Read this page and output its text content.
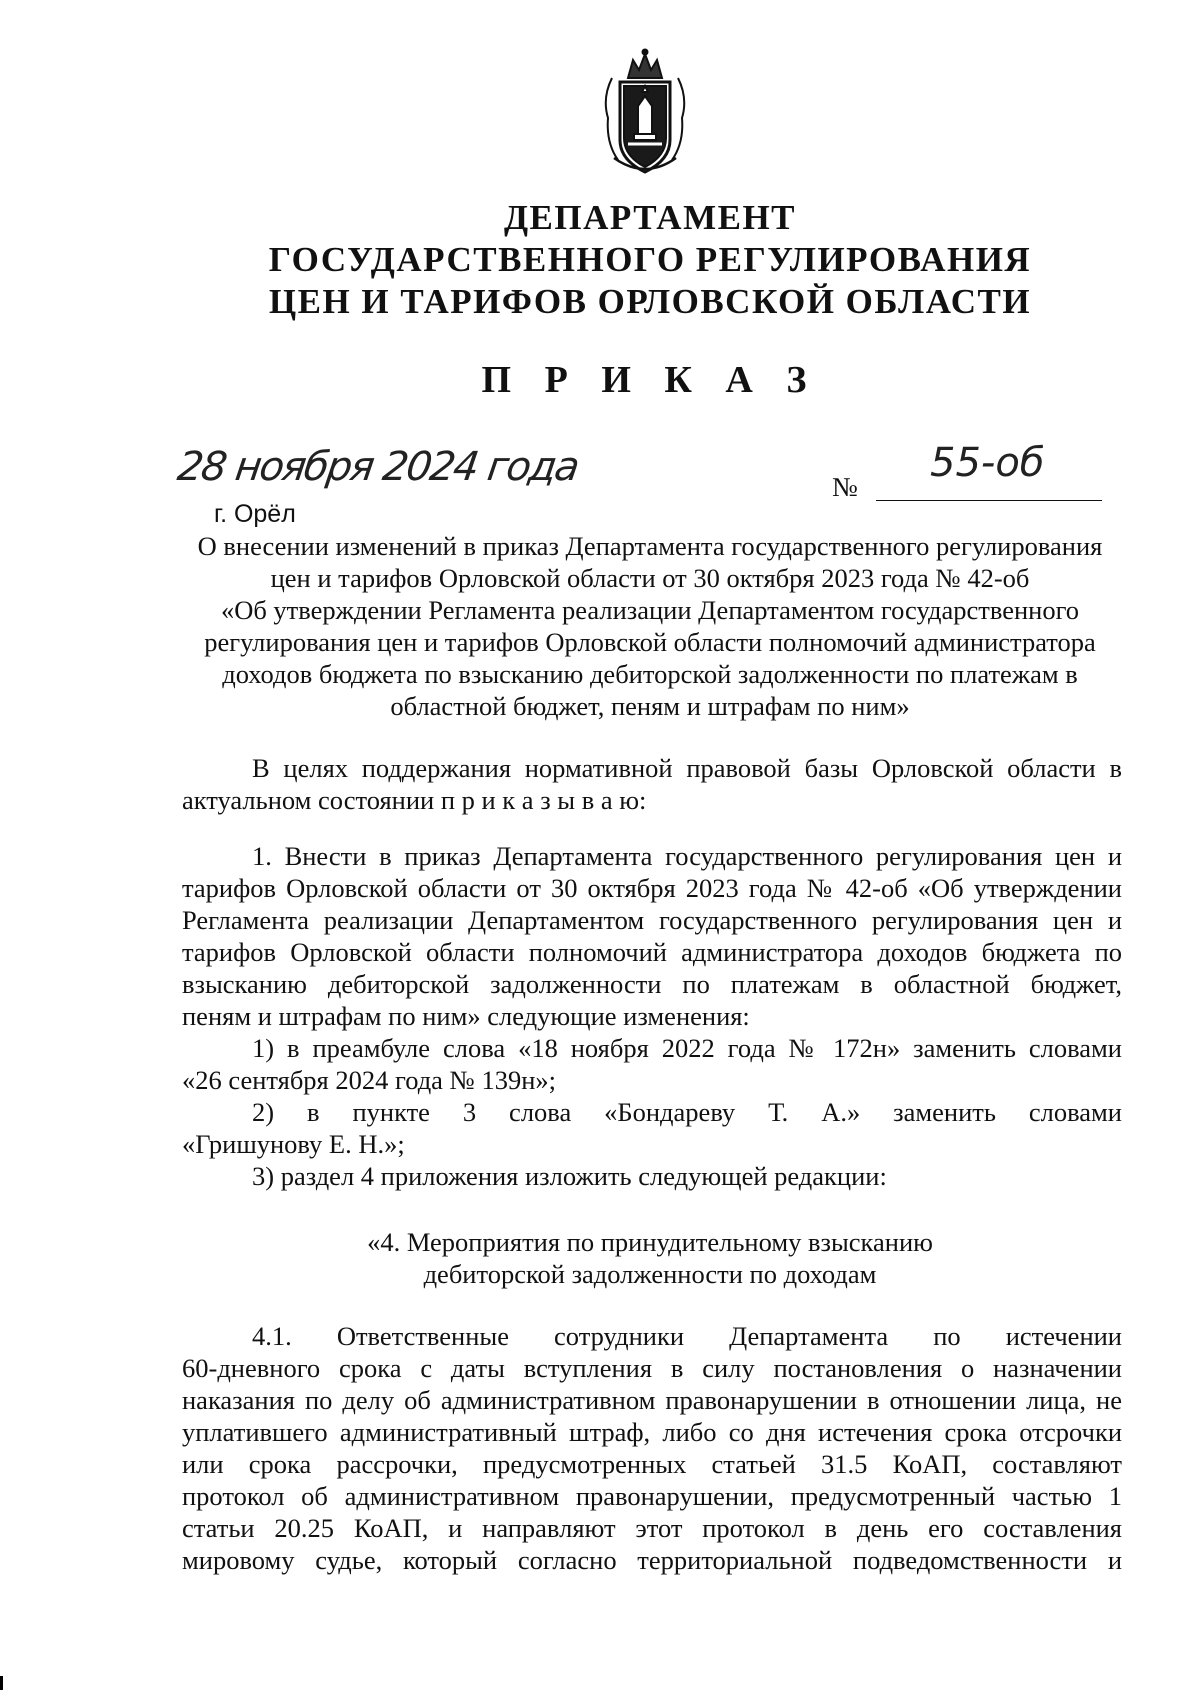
ДЕПАРТАМЕНТ
ГОСУДАРСТВЕННОГО РЕГУЛИРОВАНИЯ
ЦЕН И ТАРИФОВ ОРЛОВСКОЙ ОБЛАСТИ
П Р И К А З
28 ноября 2024 года
г. Орёл
№
55-об
О внесении изменений в приказ Департамента государственного регулирования
цен и тарифов Орловской области от 30 октября 2023 года № 42-об
«Об утверждении Регламента реализации Департаментом государственного
регулирования цен и тарифов Орловской области полномочий администратора
доходов бюджета по взысканию дебиторской задолженности по платежам в
областной бюджет, пеням и штрафам по ним»
В целях поддержания нормативной правовой базы Орловской области в
актуальном состоянии п р и к а з ы в а ю:
1. Внести в приказ Департамента государственного регулирования цен и
тарифов Орловской области от 30 октября 2023 года № 42-об «Об утверждении
Регламента реализации Департаментом государственного регулирования цен и
тарифов Орловской области полномочий администратора доходов бюджета по
взысканию дебиторской задолженности по платежам в областной бюджет,
пеням и штрафам по ним» следующие изменения:
1) в преамбуле слова «18 ноября 2022 года № 172н» заменить словами
«26 сентября 2024 года № 139н»;
2) в пункте 3 слова «Бондареву Т. А.» заменить словами
«Гришунову Е. Н.»;
3) раздел 4 приложения изложить следующей редакции:
«4. Мероприятия по принудительному взысканию
дебиторской задолженности по доходам
4.1. Ответственные сотрудники Департамента по истечении
60-дневного срока с даты вступления в силу постановления о назначении
наказания по делу об административном правонарушении в отношении лица, не
уплатившего административный штраф, либо со дня истечения срока отсрочки
или срока рассрочки, предусмотренных статьей 31.5 КоАП, составляют
протокол об административном правонарушении, предусмотренный частью 1
статьи 20.25 КоАП, и направляют этот протокол в день его составления
мировому судье, который согласно территориальной подведомственности и
